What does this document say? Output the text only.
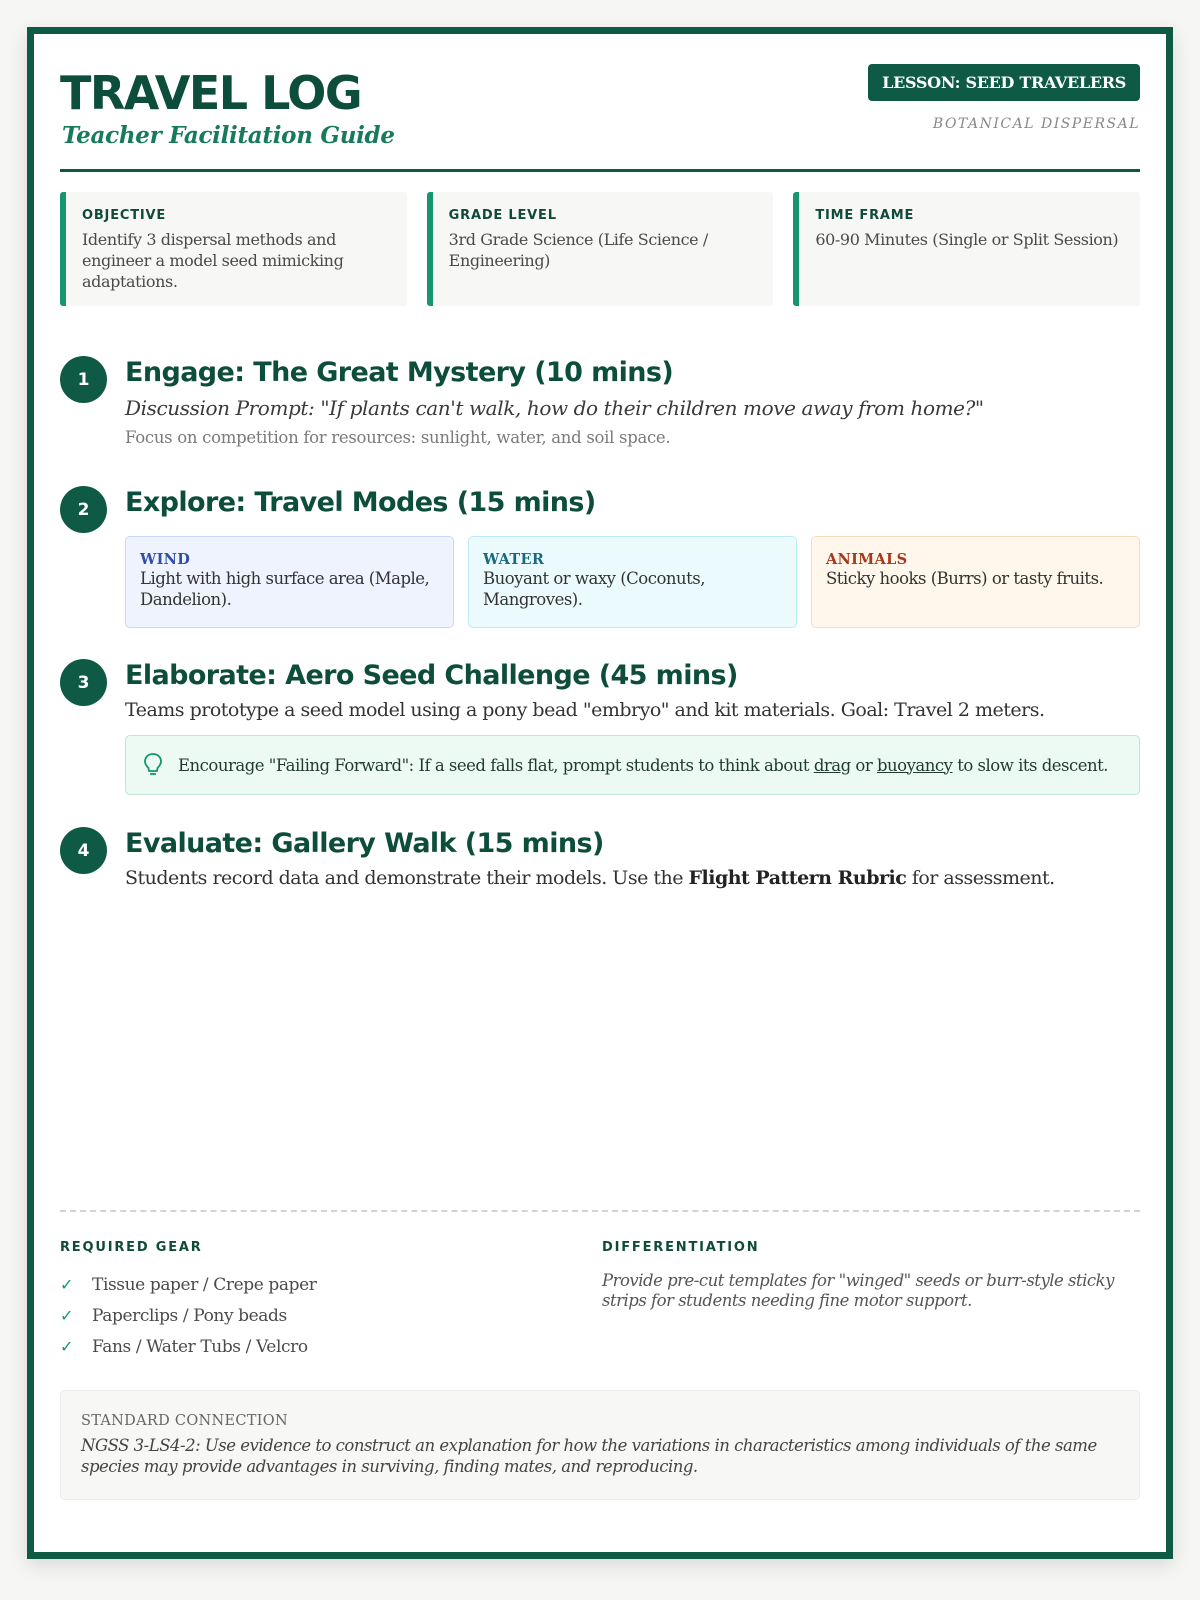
TRAVEL LOG
Teacher Facilitation Guide
LESSON: SEED TRAVELERS
BOTANICAL DISPERSAL
OBJECTIVE
Identify 3 dispersal methods and engineer a model seed mimicking adaptations.
GRADE LEVEL
3rd Grade Science (Life Science / Engineering)
TIME FRAME
60-90 Minutes (Single or Split Session)
1	Engage: The Great Mystery (10 mins)
Discussion Prompt: "If plants can't walk, how do their children move away from home?"
Focus on competition for resources: sunlight, water, and soil space.
2	Explore: Travel Modes (15 mins)
WIND
Light with high surface area (Maple, Dandelion).
WATER
Buoyant or waxy (Coconuts, Mangroves).
ANIMALS
Sticky hooks (Burrs) or tasty fruits.
3	Elaborate: Aero Seed Challenge (45 mins)
Teams prototype a seed model using a pony bead "embryo" and kit materials. Goal: Travel 2 meters.
Encourage "Failing Forward": If a seed falls flat, prompt students to think about drag or buoyancy to slow its descent.
4	Evaluate: Gallery Walk (15 mins)
Students record data and demonstrate their models. Use the Flight Pattern Rubric for assessment.
REQUIRED GEAR
✓	Tissue paper / Crepe paper
✓	Paperclips / Pony beads
✓	Fans / Water Tubs / Velcro
DIFFERENTIATION
Provide pre-cut templates for "winged" seeds or burr-style sticky strips for students needing fine motor support.
STANDARD CONNECTION
NGSS 3-LS4-2: Use evidence to construct an explanation for how the variations in characteristics among individuals of the same species may provide advantages in surviving, finding mates, and reproducing.
